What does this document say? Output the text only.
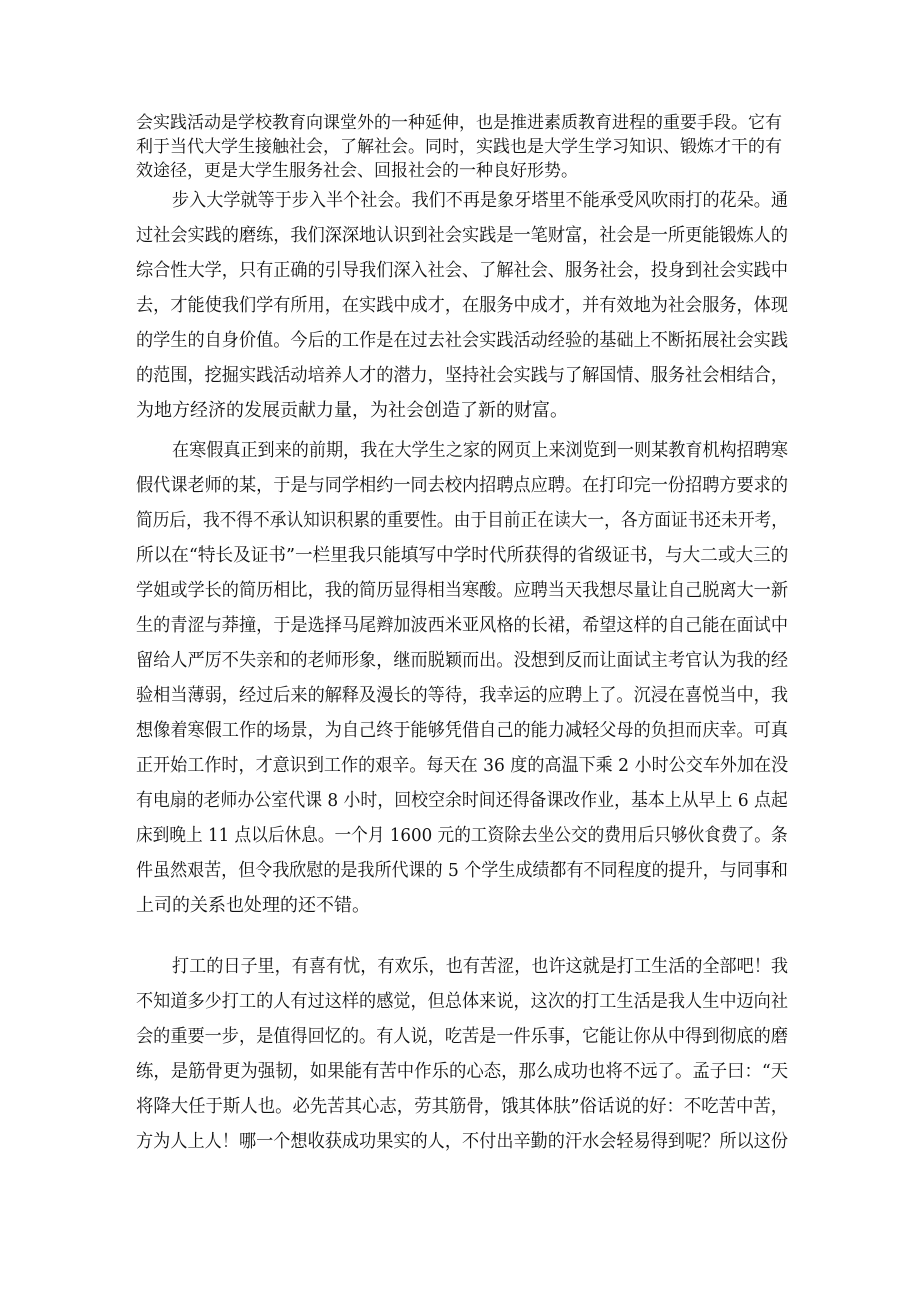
会实践活动是学校教育向课堂外的一种延伸，也是推进素质教育进程的重要手段。它有
利于当代大学生接触社会，了解社会。同时，实践也是大学生学习知识、锻炼才干的有
效途径，更是大学生服务社会、回报社会的一种良好形势。
步入大学就等于步入半个社会。我们不再是象牙塔里不能承受风吹雨打的花朵。通
过社会实践的磨练，我们深深地认识到社会实践是一笔财富，社会是一所更能锻炼人的
综合性大学，只有正确的引导我们深入社会、了解社会、服务社会，投身到社会实践中
去，才能使我们学有所用，在实践中成才，在服务中成才，并有效地为社会服务，体现
的学生的自身价值。今后的工作是在过去社会实践活动经验的基础上不断拓展社会实践
的范围，挖掘实践活动培养人才的潜力，坚持社会实践与了解国情、服务社会相结合，
为地方经济的发展贡献力量，为社会创造了新的财富。
在寒假真正到来的前期，我在大学生之家的网页上来浏览到一则某教育机构招聘寒
假代课老师的某，于是与同学相约一同去校内招聘点应聘。在打印完一份招聘方要求的
简历后，我不得不承认知识积累的重要性。由于目前正在读大一，各方面证书还未开考，
所以在“特长及证书”一栏里我只能填写中学时代所获得的省级证书，与大二或大三的
学姐或学长的简历相比，我的简历显得相当寒酸。应聘当天我想尽量让自己脱离大一新
生的青涩与莽撞，于是选择马尾辫加波西米亚风格的长裙，希望这样的自己能在面试中
留给人严厉不失亲和的老师形象，继而脱颖而出。没想到反而让面试主考官认为我的经
验相当薄弱，经过后来的解释及漫长的等待，我幸运的应聘上了。沉浸在喜悦当中，我
想像着寒假工作的场景，为自己终于能够凭借自己的能力减轻父母的负担而庆幸。可真
正开始工作时，才意识到工作的艰辛。每天在 36 度的高温下乘 2 小时公交车外加在没
有电扇的老师办公室代课 8 小时，回校空余时间还得备课改作业，基本上从早上 6 点起
床到晚上 11 点以后休息。一个月 1600 元的工资除去坐公交的费用后只够伙食费了。条
件虽然艰苦，但令我欣慰的是我所代课的 5 个学生成绩都有不同程度的提升，与同事和
上司的关系也处理的还不错。
打工的日子里，有喜有忧，有欢乐，也有苦涩，也许这就是打工生活的全部吧！我
不知道多少打工的人有过这样的感觉，但总体来说，这次的打工生活是我人生中迈向社
会的重要一步，是值得回忆的。有人说，吃苦是一件乐事，它能让你从中得到彻底的磨
练，是筋骨更为强韧，如果能有苦中作乐的心态，那么成功也将不远了。孟子曰：“天
将降大任于斯人也。必先苦其心志，劳其筋骨，饿其体肤”俗话说的好：不吃苦中苦，
方为人上人！哪一个想收获成功果实的人，不付出辛勤的汗水会轻易得到呢？所以这份
